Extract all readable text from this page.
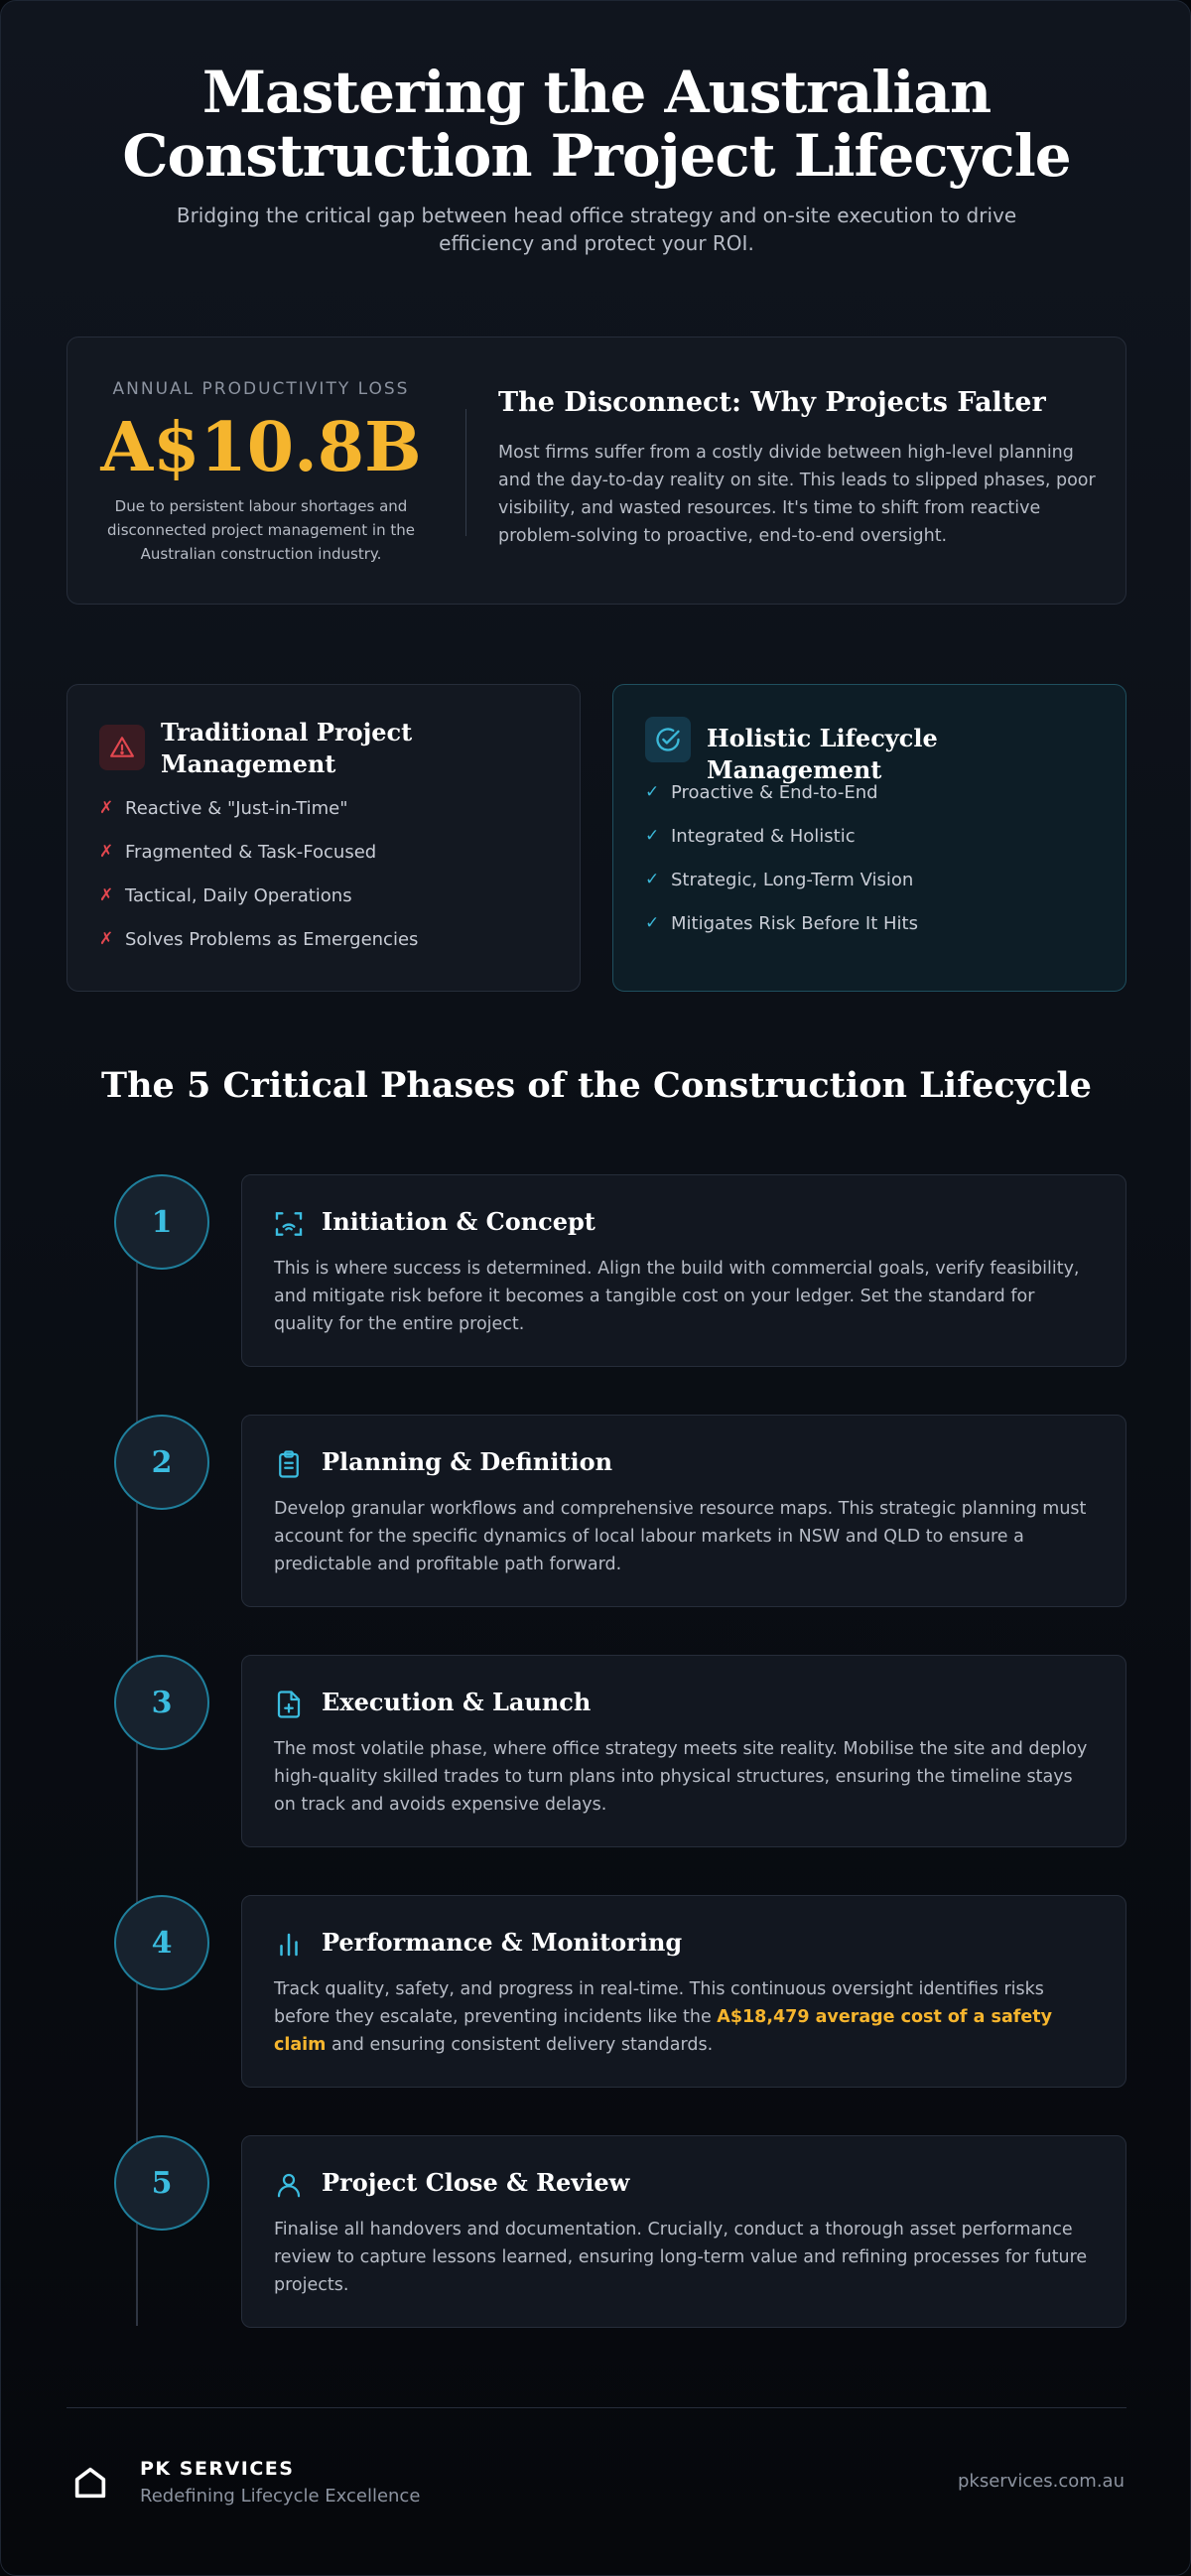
Mastering the Australian
Construction Project Lifecycle

Bridging the critical gap between head office strategy and on-site execution to drive efficiency and protect your ROI.

ANNUAL PRODUCTIVITY LOSS
A$10.8B
Due to persistent labour shortages and disconnected project management in the Australian construction industry.
The Disconnect: Why Projects Falter

Most firms suffer from a costly divide between high-level planning and the day-to-day reality on site. This leads to slipped phases, poor visibility, and wasted resources. It's time to shift from reactive problem-solving to proactive, end-to-end oversight.

Traditional Project Management
✗ Reactive & "Just-in-Time"
✗ Fragmented & Task-Focused
✗ Tactical, Daily Operations
✗ Solves Problems as Emergencies
Holistic Lifecycle Management
✓ Proactive & End-to-End
✓ Integrated & Holistic
✓ Strategic, Long-Term Vision
✓ Mitigates Risk Before It Hits
The 5 Critical Phases of the Construction Lifecycle
1	Initiation & Concept

This is where success is determined. Align the build with commercial goals, verify feasibility, and mitigate risk before it becomes a tangible cost on your ledger. Set the standard for quality for the entire project.

2	Planning & Definition

Develop granular workflows and comprehensive resource maps. This strategic planning must account for the specific dynamics of local labour markets in NSW and QLD to ensure a predictable and profitable path forward.

3	Execution & Launch

The most volatile phase, where office strategy meets site reality. Mobilise the site and deploy high-quality skilled trades to turn plans into physical structures, ensuring the timeline stays on track and avoids expensive delays.

4	Performance & Monitoring

Track quality, safety, and progress in real-time. This continuous oversight identifies risks before they escalate, preventing incidents like the A$18,479 average cost of a safety claim and ensuring consistent delivery standards.

5	Project Close & Review

Finalise all handovers and documentation. Crucially, conduct a thorough asset performance review to capture lessons learned, ensuring long-term value and refining processes for future projects.

PK SERVICES
Redefining Lifecycle Excellence
pkservices.com.au
